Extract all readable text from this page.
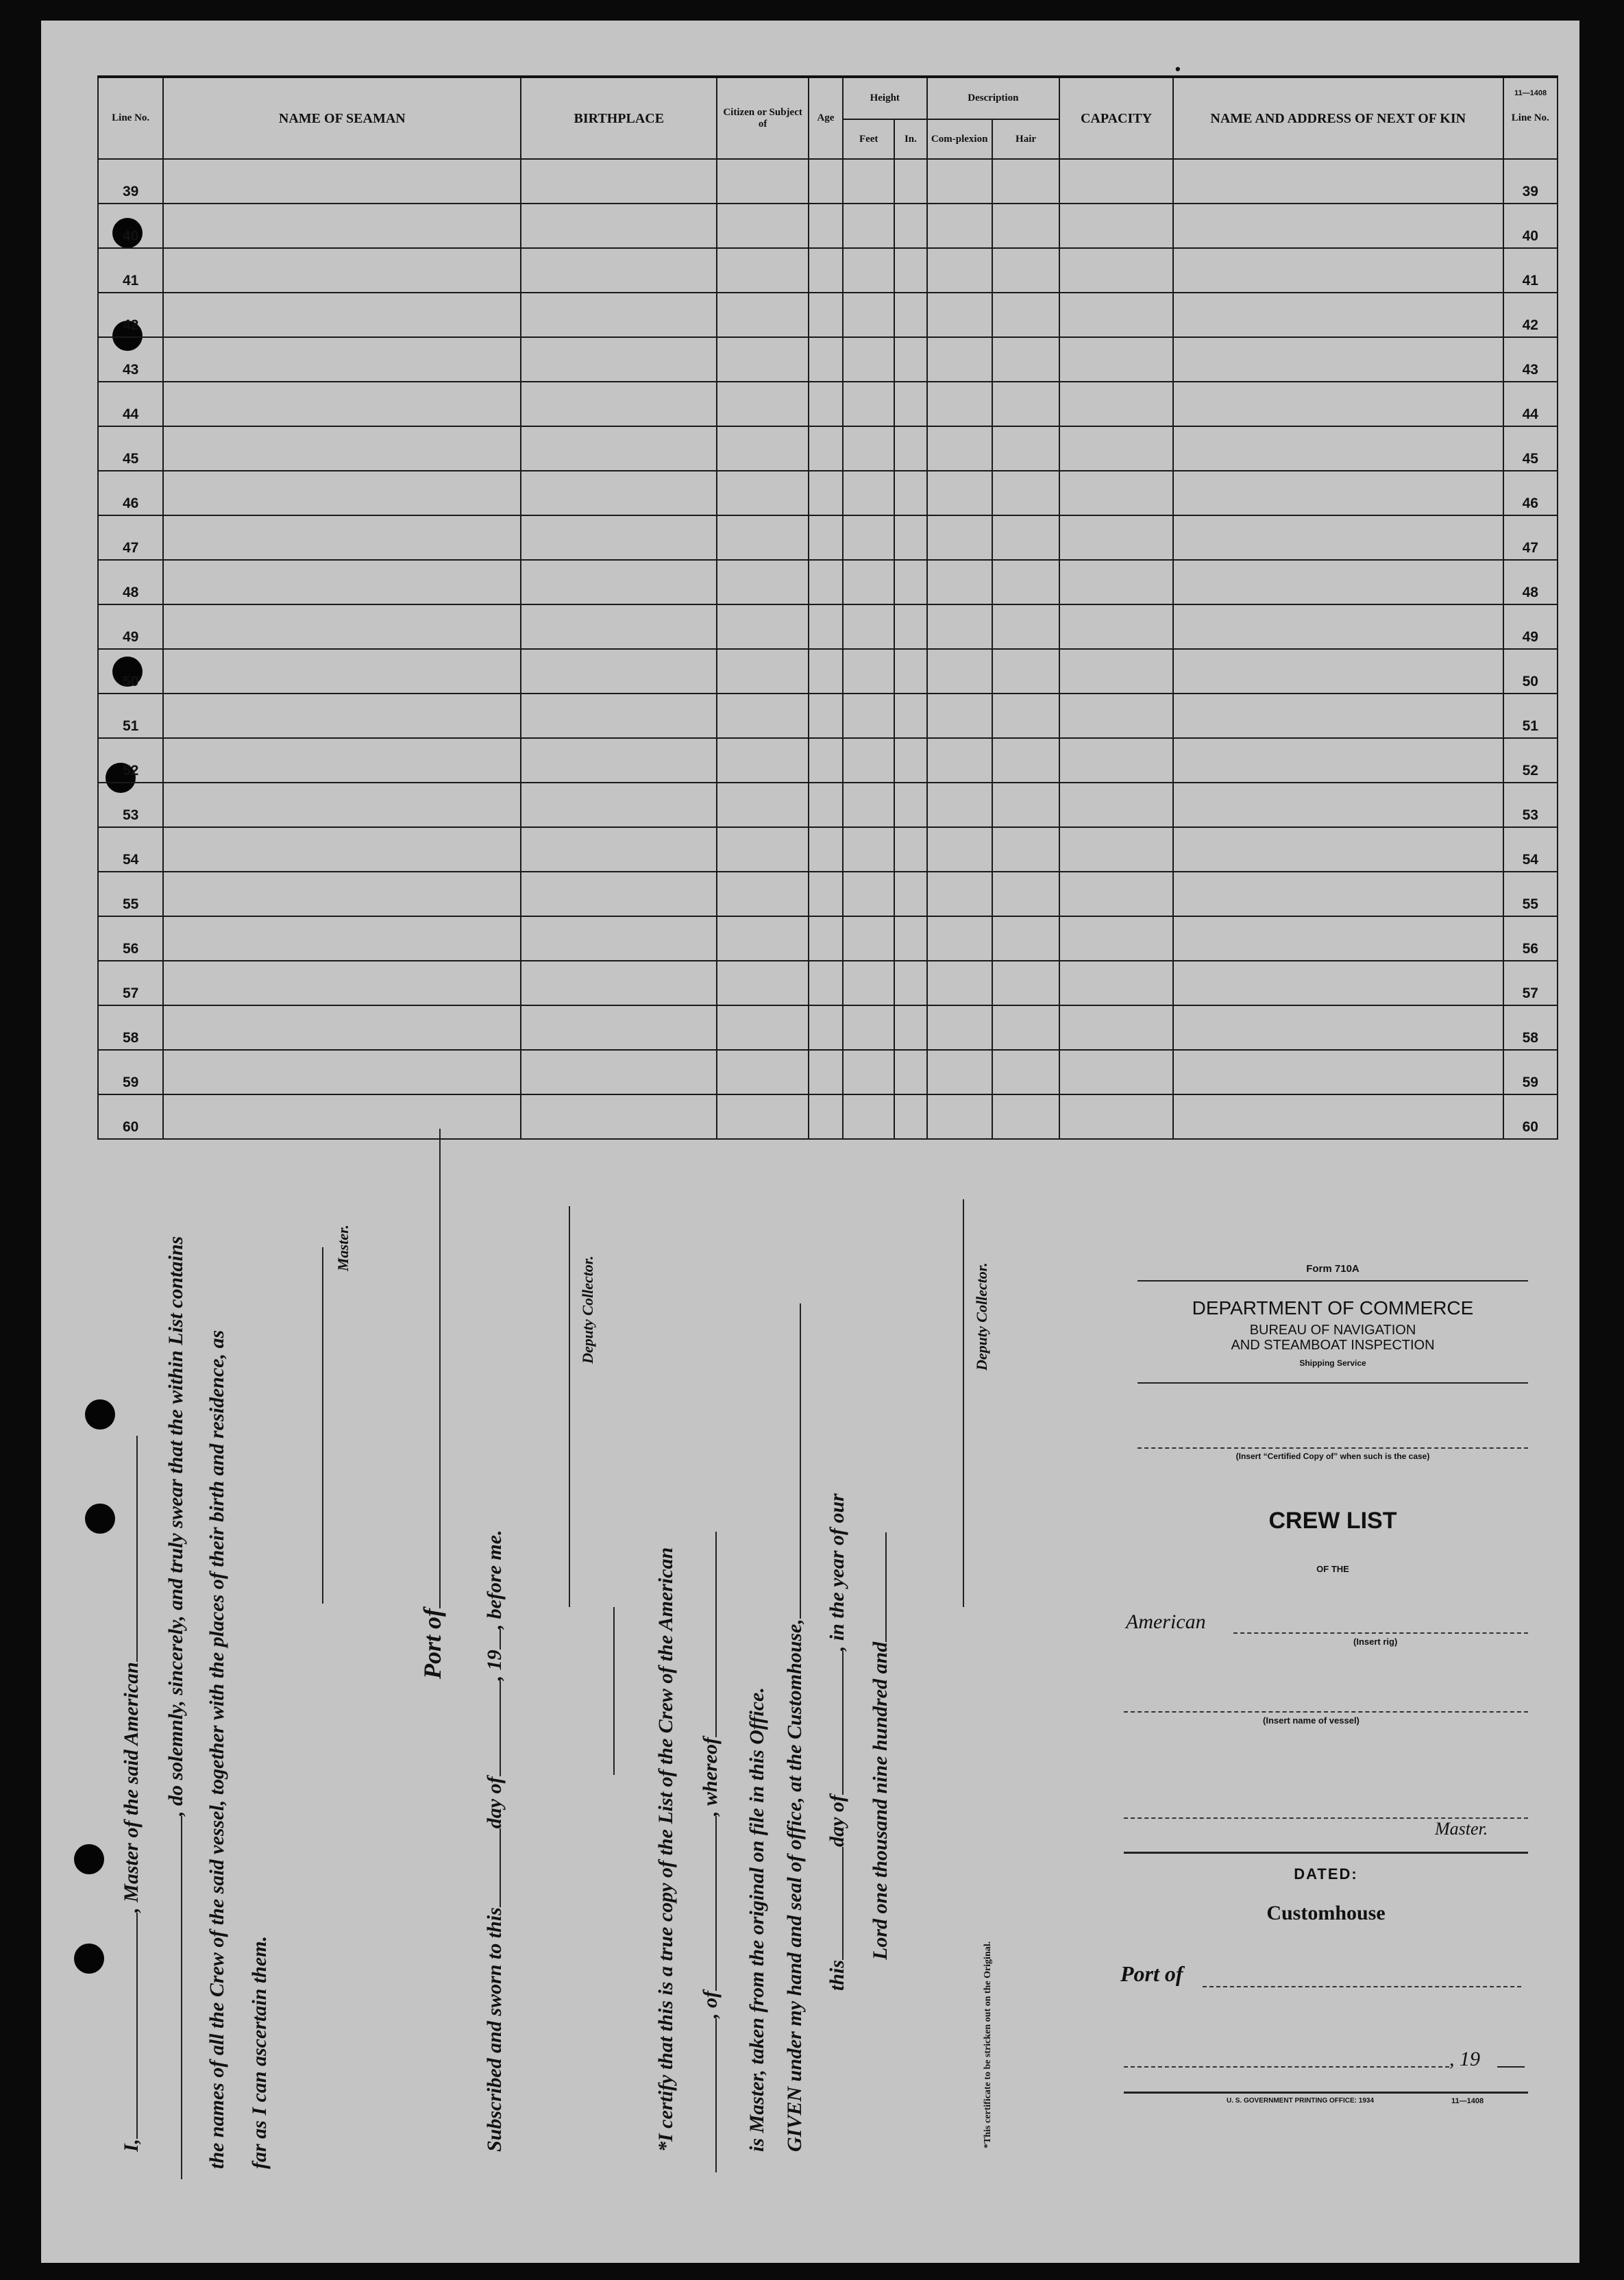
11—1408
•
Line No.	NAME OF SEAMAN	BIRTHPLACE	Citizen or Subject of	Age	Height		Description		CAPACITY	NAME AND ADDRESS OF NEXT OF KIN	Line No.
					Feet	In.	Com-plexion	Hair			
39											39
40											40
41											41
42											42
43											43
44											44
45											45
46											46
47											47
48											48
49											49
50											50
51											51
52											52
53											53
54											54
55											55
56											56
57											57
58											58
59											59
60											60
I,, Master of the said American , do solemnly, sincerely, and truly swear that the within List contains the names of all the Crew of the said vessel, together with the places of their birth and residence, as far as I can ascertain them.
Master.
Port of
Subscribed and sworn to thisday of, 19, before me.
Deputy Collector.
*I certify that this is a true copy of the List of the Crew of the American , of, whereof is Master, taken from the original on file in this Office. GIVEN under my hand and seal of office, at the Customhouse, thisday of, in the year of our
Lord one thousand nine hundred and
Deputy Collector.
*This certificate to be stricken out on the Original.
Form 710A
DEPARTMENT OF COMMERCE
BUREAU OF NAVIGATION
AND STEAMBOAT INSPECTION
Shipping Service
(Insert “Certified Copy of” when such is the case)
CREW LIST
OF THE
American
(Insert rig)
(Insert name of vessel)
Master.
DATED:
Customhouse
Port of
, 19
U. S. GOVERNMENT PRINTING OFFICE: 1934	11—1408
